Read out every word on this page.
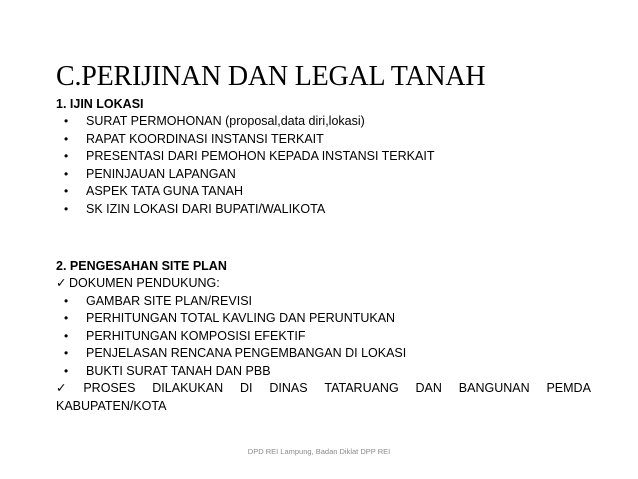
C.PERIJINAN DAN LEGAL TANAH
1. IJIN LOKASI
•	SURAT PERMOHONAN (proposal,data diri,lokasi)
•	RAPAT KOORDINASI INSTANSI TERKAIT
•	PRESENTASI DARI PEMOHON KEPADA INSTANSI TERKAIT
•	PENINJAUAN LAPANGAN
•	ASPEK TATA GUNA TANAH
•	SK IZIN LOKASI DARI BUPATI/WALIKOTA
2. PENGESAHAN SITE PLAN
✓ DOKUMEN PENDUKUNG:
•	GAMBAR SITE PLAN/REVISI
•	PERHITUNGAN TOTAL KAVLING DAN PERUNTUKAN
•	PERHITUNGAN KOMPOSISI EFEKTIF
•	PENJELASAN RENCANA PENGEMBANGAN DI LOKASI
•	BUKTI SURAT TANAH DAN PBB
✓ PROSES DILAKUKAN DI DINAS TATARUANG DAN BANGUNAN PEMDA
KABUPATEN/KOTA
DPD REI Lampung, Badan Diklat DPP REI
